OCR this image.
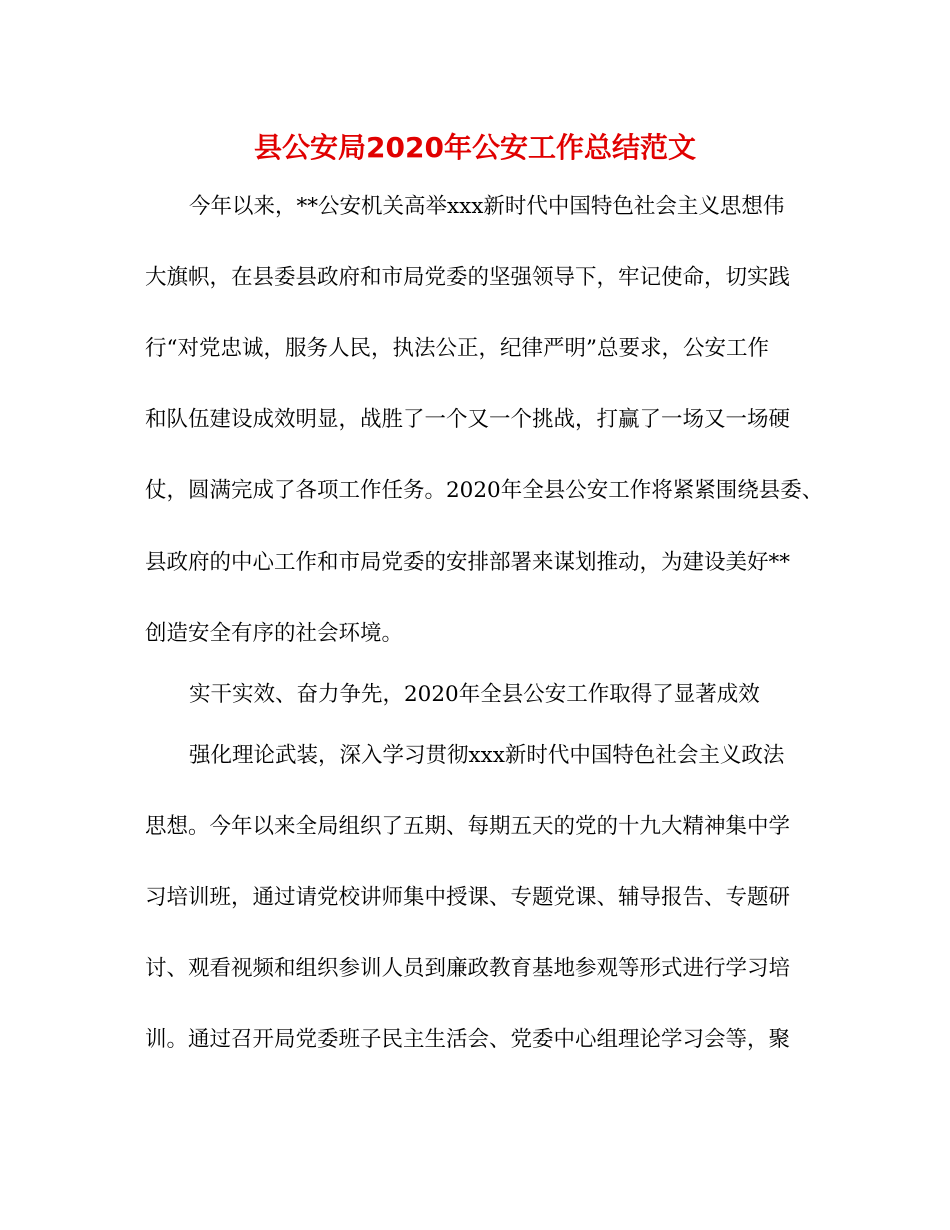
县公安局2020年公安工作总结范文

今年以来，**公安机关高举xxx新时代中国特色社会主义思想伟

大旗帜，在县委县政府和市局党委的坚强领导下，牢记使命，切实践

行“对党忠诚，服务人民，执法公正，纪律严明”总要求，公安工作

和队伍建设成效明显，战胜了一个又一个挑战，打赢了一场又一场硬

仗，圆满完成了各项工作任务。2020年全县公安工作将紧紧围绕县委、

县政府的中心工作和市局党委的安排部署来谋划推动，为建设美好**

创造安全有序的社会环境。

实干实效、奋力争先，2020年全县公安工作取得了显著成效

强化理论武装，深入学习贯彻xxx新时代中国特色社会主义政法

思想。今年以来全局组织了五期、每期五天的党的十九大精神集中学

习培训班，通过请党校讲师集中授课、专题党课、辅导报告、专题研

讨、观看视频和组织参训人员到廉政教育基地参观等形式进行学习培

训。通过召开局党委班子民主生活会、党委中心组理论学习会等，聚
